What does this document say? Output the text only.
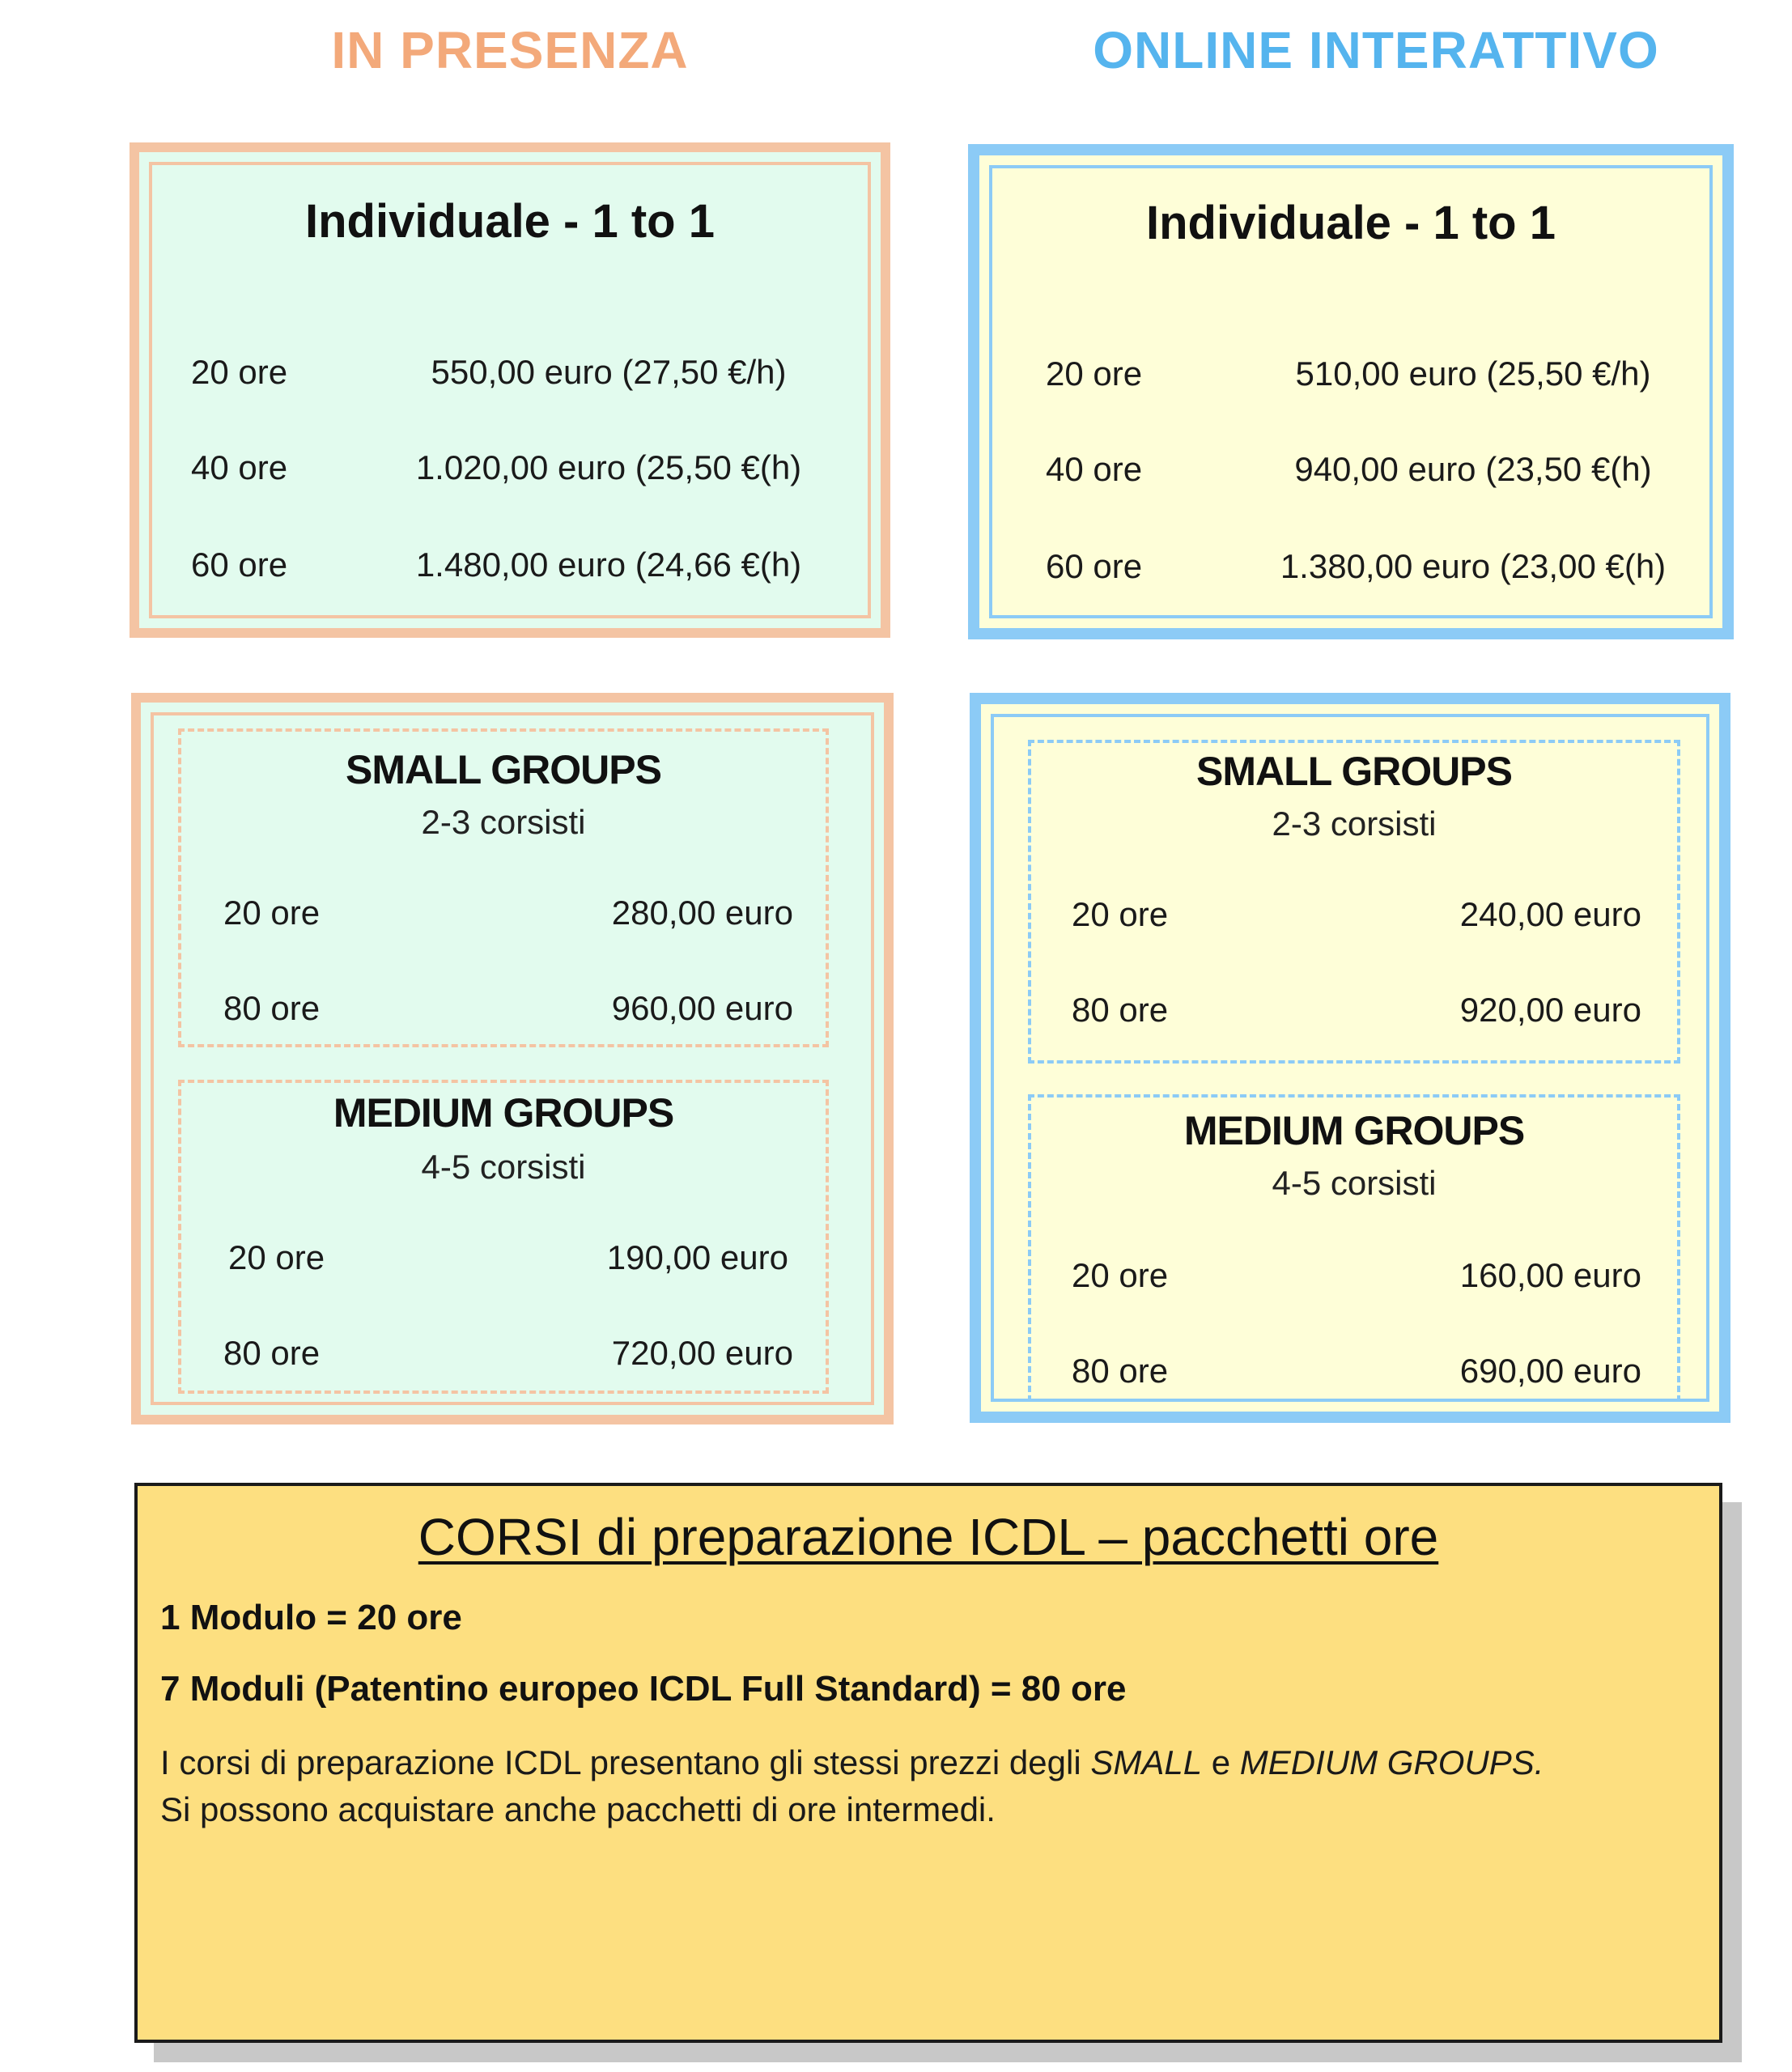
IN PRESENZA	ONLINE INTERATTIVO
Individuale - 1 to 1
20 ore	550,00 euro (27,50 €/h)
40 ore	1.020,00 euro (25,50 €(h)
60 ore	1.480,00 euro (24,66 €(h)
Individuale - 1 to 1
20 ore	510,00 euro (25,50 €/h)
40 ore	940,00 euro (23,50 €(h)
60 ore	1.380,00 euro (23,00 €(h)
SMALL GROUPS
2-3 corsisti
20 ore	280,00 euro
80 ore	960,00 euro
MEDIUM GROUPS
4-5 corsisti
20 ore	190,00 euro
80 ore	720,00 euro
SMALL GROUPS
2-3 corsisti
20 ore	240,00 euro
80 ore	920,00 euro
MEDIUM GROUPS
4-5 corsisti
20 ore	160,00 euro
80 ore	690,00 euro
CORSI di preparazione ICDL – pacchetti ore
1 Modulo = 20 ore
7 Moduli (Patentino europeo ICDL Full Standard) = 80 ore
I corsi di preparazione ICDL presentano gli stessi prezzi degli SMALL e MEDIUM GROUPS.
Si possono acquistare anche pacchetti di ore intermedi.
